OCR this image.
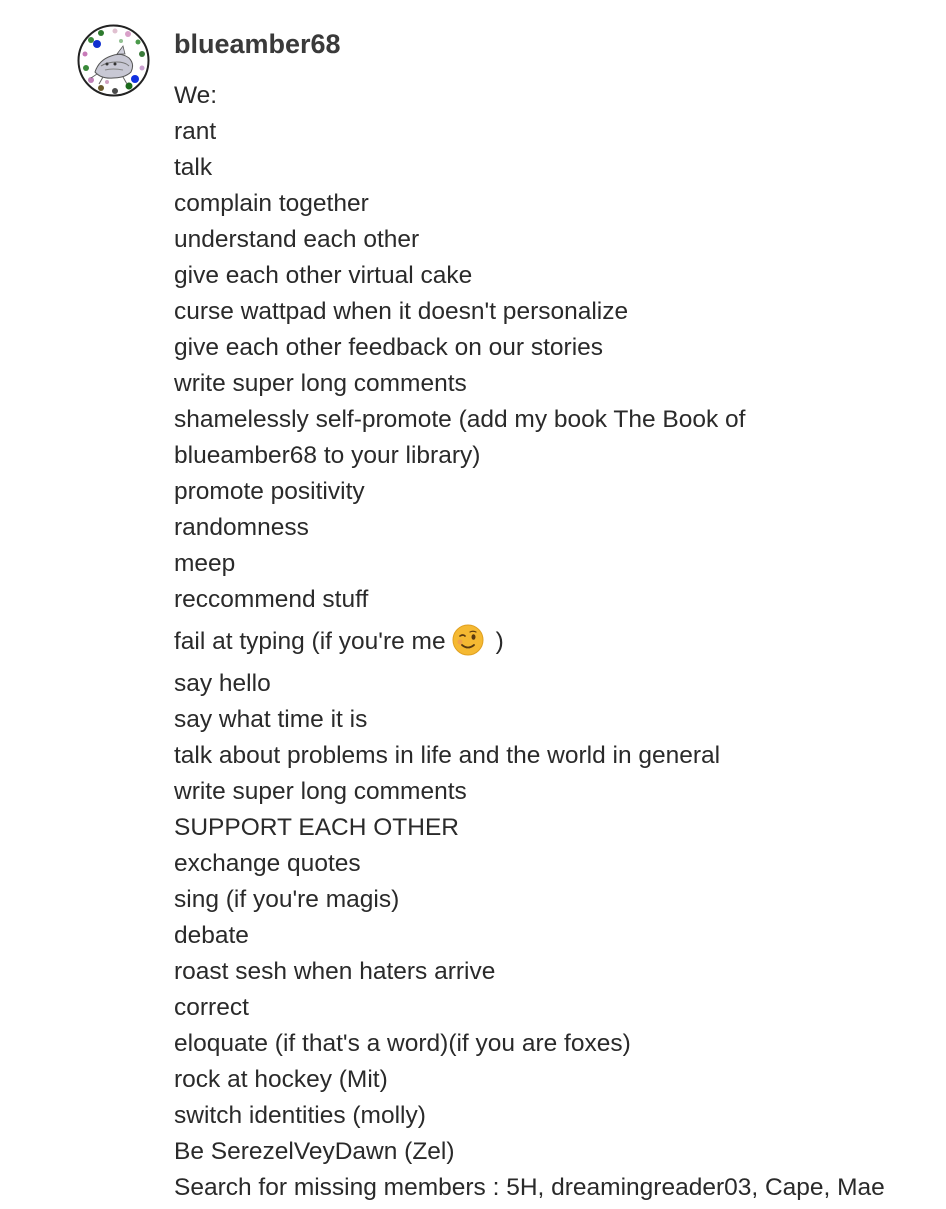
blueamber68
We:
rant
talk
complain together
understand each other
give each other virtual cake
curse wattpad when it doesn't personalize
give each other feedback on our stories
write super long comments
shamelessly self-promote (add my book The Book of
blueamber68 to your library)
promote positivity
randomness
meep
reccommend stuff
fail at typing (if you're me )
say hello
say what time it is
talk about problems in life and the world in general
write super long comments
SUPPORT EACH OTHER
exchange quotes
sing (if you're magis)
debate
roast sesh when haters arrive
correct
eloquate (if that's a word)(if you are foxes)
rock at hockey (Mit)
switch identities (molly)
Be SerezelVeyDawn (Zel)
Search for missing members : 5H, dreamingreader03, Cape, Mae
